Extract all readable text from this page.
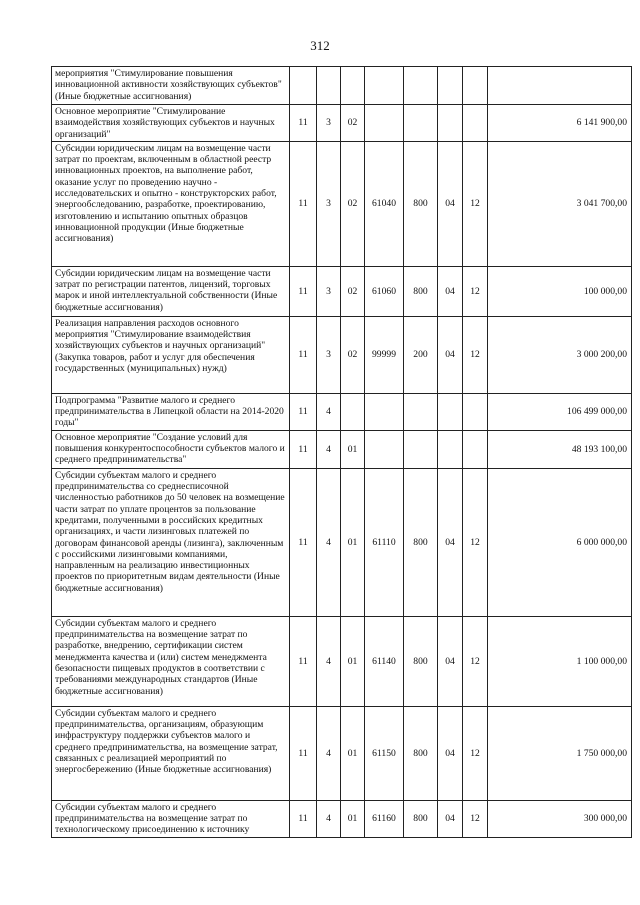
312
мероприятия "Стимулирование повышения инновационной активности хозяйствующих субъектов" (Иные бюджетные ассигнования)								
Основное мероприятие "Стимулирование взаимодействия хозяйствующих субъектов и научных организаций"	11	3	02					6 141 900,00
Субсидии юридическим лицам на возмещение части затрат по проектам, включенным в областной реестр инновационных проектов, на выполнение работ, оказание услуг по проведению научно - исследовательских и опытно - конструкторских работ, энергообследованию, разработке, проектированию, изготовлению и испытанию опытных образцов инновационной продукции (Иные бюджетные ассигнования)	11	3	02	61040	800	04	12	3 041 700,00
Субсидии юридическим лицам на возмещение части затрат по регистрации патентов, лицензий, торговых марок и иной интеллектуальной собственности (Иные бюджетные ассигнования)	11	3	02	61060	800	04	12	100 000,00
Реализация направления расходов основного мероприятия "Стимулирование взаимодействия хозяйствующих субъектов и научных организаций" (Закупка товаров, работ и услуг для обеспечения государственных (муниципальных) нужд)	11	3	02	99999	200	04	12	3 000 200,00
Подпрограмма "Развитие малого и среднего предпринимательства в Липецкой области на 2014-2020 годы"	11	4						106 499 000,00
Основное мероприятие "Создание условий для повышения конкурентоспособности субъектов малого и среднего предпринимательства"	11	4	01					48 193 100,00
Субсидии субъектам малого и среднего предпринимательства со среднесписочной численностью работников до 50 человек на возмещение части затрат по уплате процентов за пользование кредитами, полученными в российских кредитных организациях, и части лизинговых платежей по договорам финансовой аренды (лизинга), заключенным с российскими лизинговыми компаниями, направленным на реализацию инвестиционных проектов по приоритетным видам деятельности (Иные бюджетные ассигнования)	11	4	01	61110	800	04	12	6 000 000,00
Субсидии субъектам малого и среднего предпринимательства на возмещение затрат по разработке, внедрению, сертификации систем менеджмента качества и (или) систем менеджмента безопасности пищевых продуктов в соответствии с требованиями международных стандартов (Иные бюджетные ассигнования)	11	4	01	61140	800	04	12	1 100 000,00
Субсидии субъектам малого и среднего предпринимательства, организациям, образующим инфраструктуру поддержки субъектов малого и среднего предпринимательства, на возмещение затрат, связанных с реализацией мероприятий по энергосбережению (Иные бюджетные ассигнования)	11	4	01	61150	800	04	12	1 750 000,00
Субсидии субъектам малого и среднего предпринимательства на возмещение затрат по технологическому присоединению к источнику	11	4	01	61160	800	04	12	300 000,00
